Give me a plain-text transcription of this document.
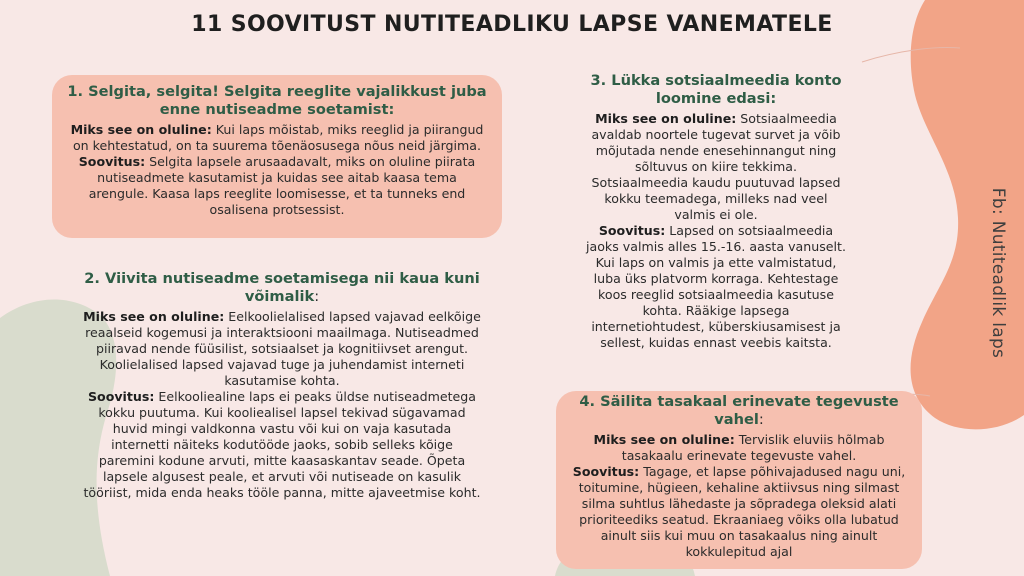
11 SOOVITUST NUTITEADLIKU LAPSE VANEMATELE
Fb: Nutiteadlik laps
1. Selgita, selgita! Selgita reeglite vajalikkust juba enne nutiseadme soetamist:

Miks see on oluline: Kui laps mõistab, miks reeglid ja piirangud on kehtestatud, on ta suurema tõenäosusega nõus neid järgima.

Soovitus: Selgita lapsele arusaadavalt, miks on oluline piirata nutiseadmete kasutamist ja kuidas see aitab kaasa tema arengule. Kaasa laps reeglite loomisesse, et ta tunneks end osalisena protsessist.

2. Viivita nutiseadme soetamisega nii kaua kuni võimalik:

Miks see on oluline: Eelkoolielalised lapsed vajavad eelkõige reaalseid kogemusi ja interaktsiooni maailmaga. Nutiseadmed piiravad nende füüsilist, sotsiaalset ja kognitiivset arengut. Koolielalised lapsed vajavad tuge ja juhendamist interneti kasutamise kohta.

Soovitus: Eelkooliealine laps ei peaks üldse nutiseadmetega kokku puutuma. Kui kooliealisel lapsel tekivad sügavamad huvid mingi valdkonna vastu või kui on vaja kasutada internetti näiteks kodutööde jaoks, sobib selleks kõige paremini kodune arvuti, mitte kaasaskantav seade. Õpeta lapsele algusest peale, et arvuti või nutiseade on kasulik tööriist, mida enda heaks tööle panna, mitte ajaveetmise koht.

3. Lükka sotsiaalmeedia konto loomine edasi:

Miks see on oluline: Sotsiaalmeedia avaldab noortele tugevat survet ja võib mõjutada nende enesehinnangut ning sõltuvus on kiire tekkima. Sotsiaalmeedia kaudu puutuvad lapsed kokku teemadega, milleks nad veel valmis ei ole.

Soovitus: Lapsed on sotsiaalmeedia jaoks valmis alles 15.-16. aasta vanuselt. Kui laps on valmis ja ette valmistatud, luba üks platvorm korraga. Kehtestage koos reeglid sotsiaalmeedia kasutuse kohta. Rääkige lapsega internetiohtudest, küberskiusamisest ja sellest, kuidas ennast veebis kaitsta.

4. Säilita tasakaal erinevate tegevuste vahel:

Miks see on oluline: Tervislik eluviis hõlmab tasakaalu erinevate tegevuste vahel.

Soovitus: Tagage, et lapse põhivajadused nagu uni, toitumine, hügieen, kehaline aktiivsus ning silmast silma suhtlus lähedaste ja sõpradega oleksid alati prioriteediks seatud. Ekraaniaeg võiks olla lubatud ainult siis kui muu on tasakaalus ning ainult kokkulepitud ajal
